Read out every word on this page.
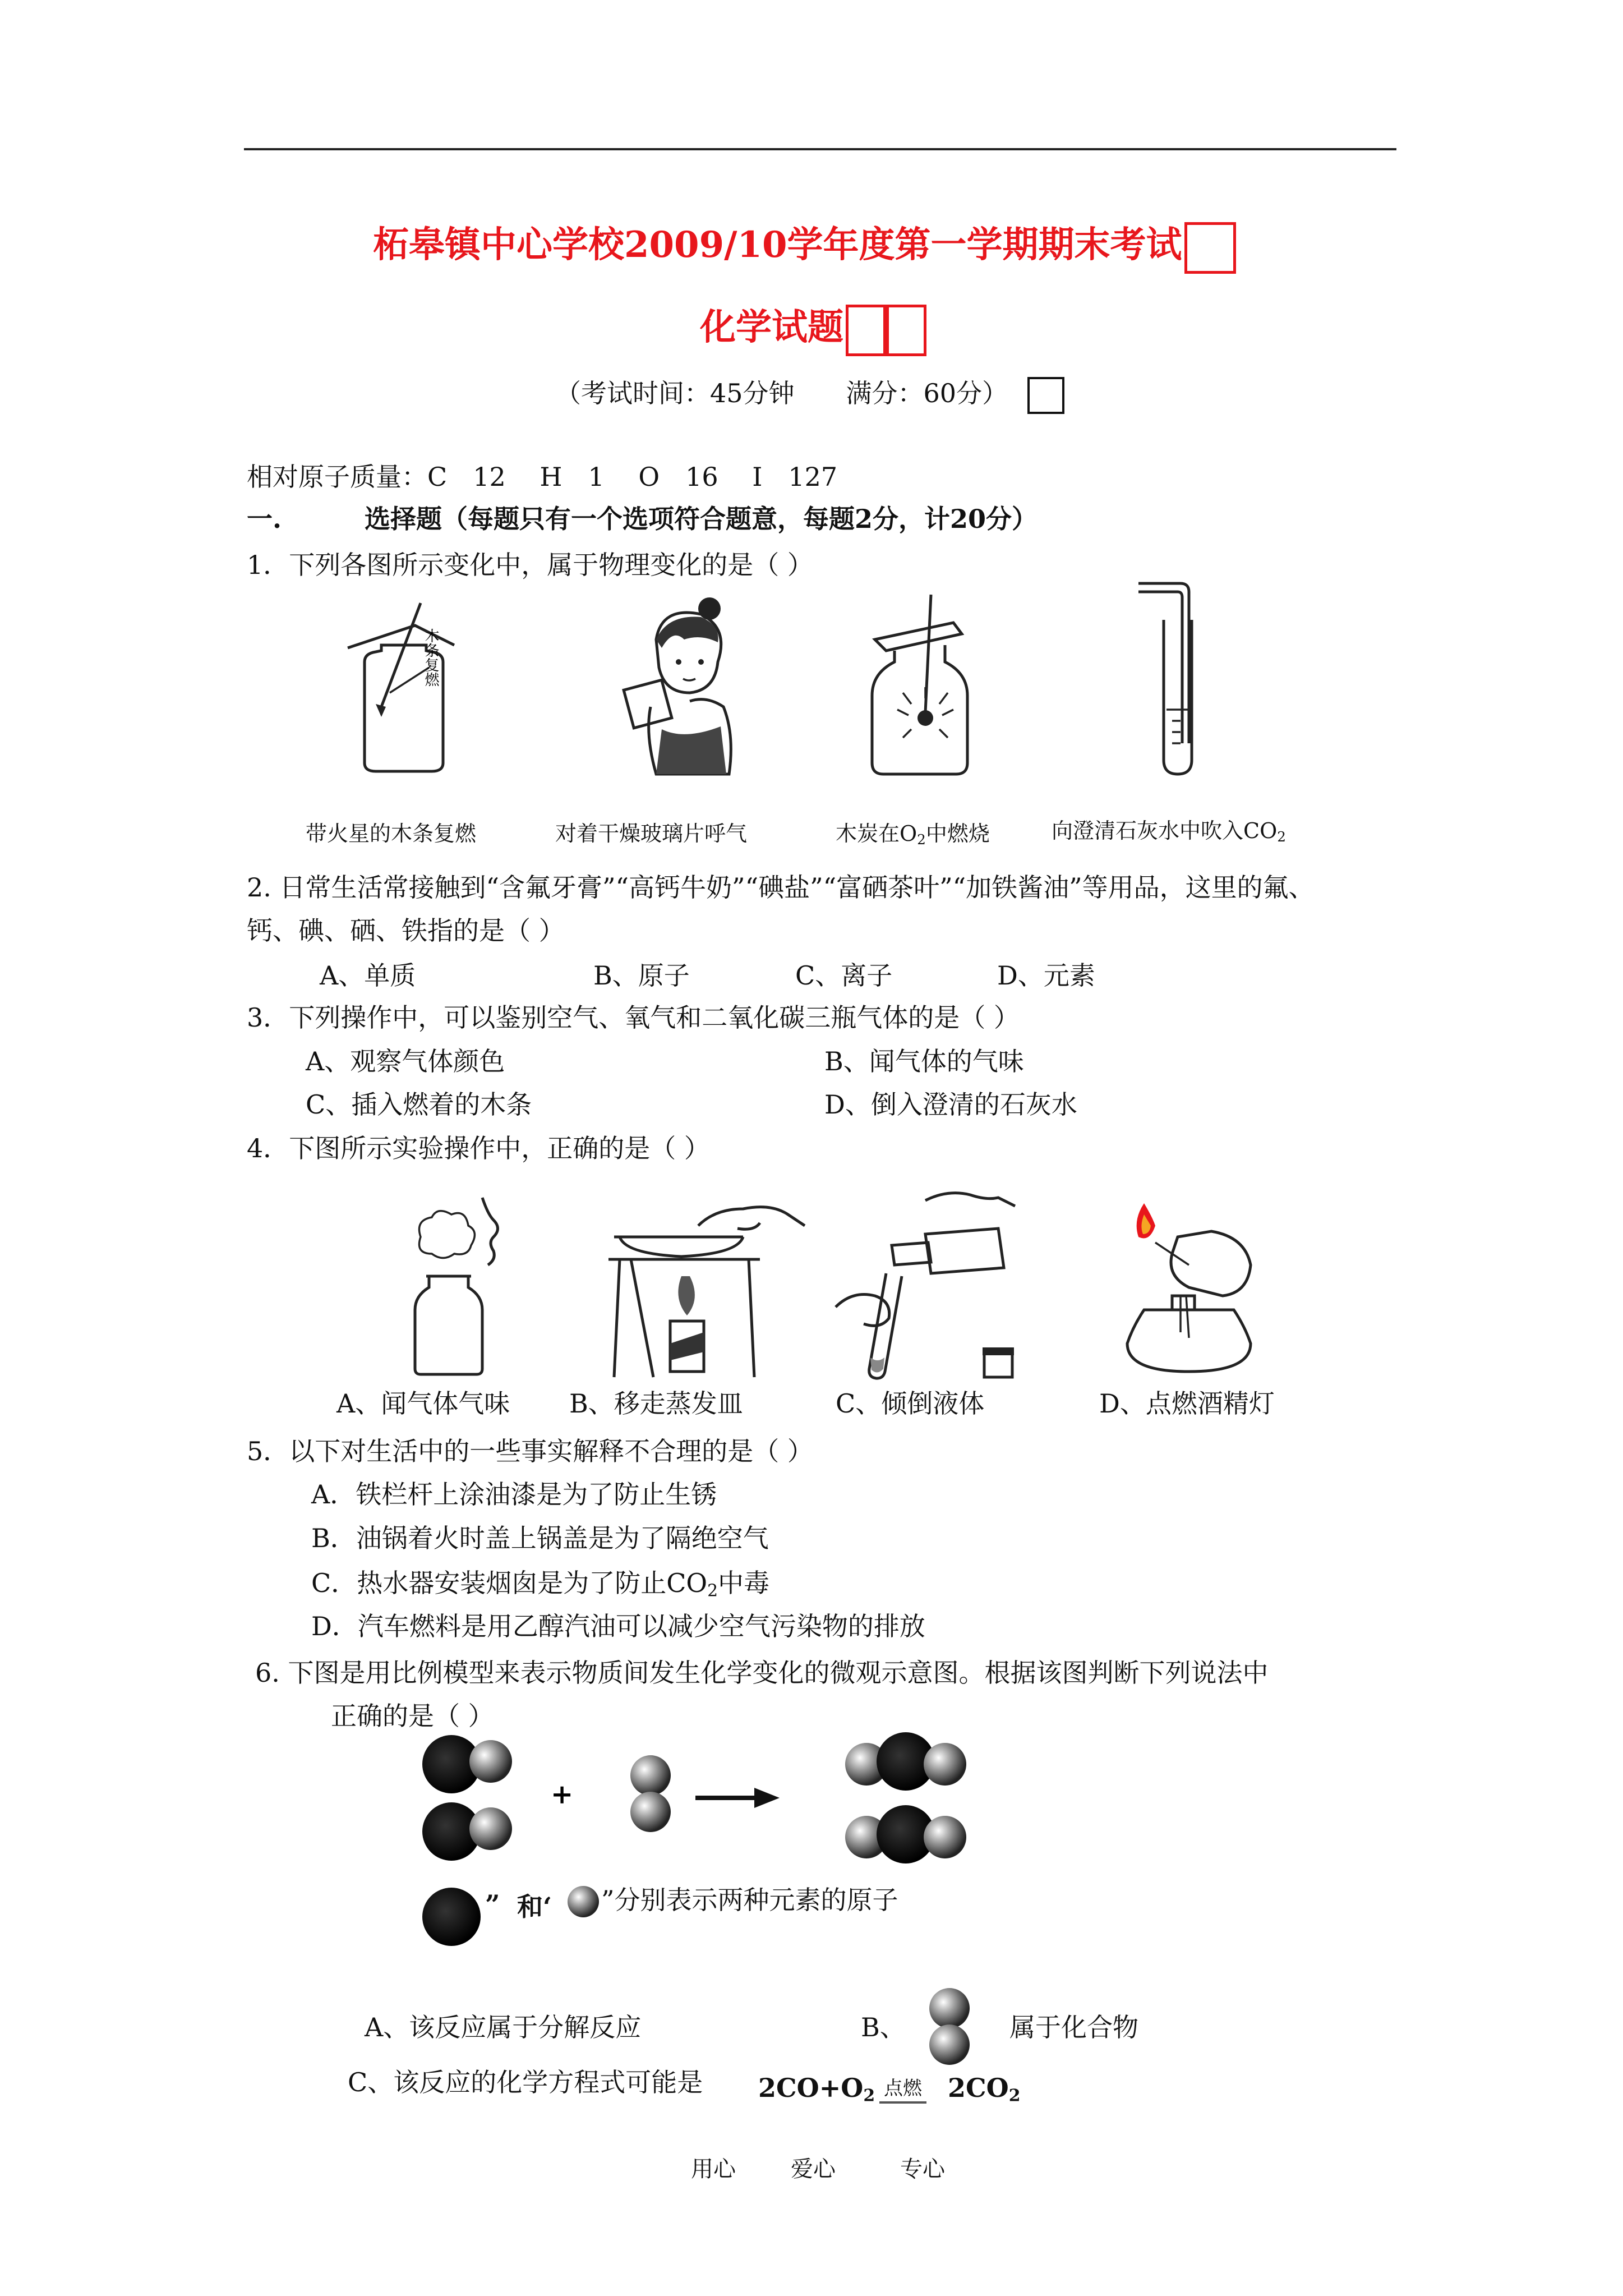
柘皋镇中心学校2009/10学年度第一学期期末考试
化学试题
（考试时间：45分钟　　满分：60分）
相对原子质量：C　12　 H　1　 O　16　 I　127
一.	选择题（每题只有一个选项符合题意，每题2分，计20分）
1．下列各图所示变化中，属于物理变化的是（ ）
木条复燃
带火星的木条复燃	对着干燥玻璃片呼气	木炭在$O_2$中燃烧	向澄清石灰水中吹入$CO_2$
2. 日常生活常接触到“含氟牙膏”“高钙牛奶”“碘盐”“富硒茶叶”“加铁酱油”等用品，这里的氟、
钙、碘、硒、铁指的是（ ）
A、单质	B、原子	C、离子	D、元素
3．下列操作中，可以鉴别空气、氧气和二氧化碳三瓶气体的是（ ）
A、观察气体颜色	B、闻气体的气味
C、插入燃着的木条	D、倒入澄清的石灰水
4．下图所示实验操作中，正确的是（ ）
A、闻气体气味 B、移走蒸发皿	C、倾倒液体	D、点燃酒精灯
5．以下对生活中的一些事实解释不合理的是（ ）
A．铁栏杆上涂油漆是为了防止生锈
B．油锅着火时盖上锅盖是为了隔绝空气
C．热水器安装烟囱是为了防止$CO_2$中毒
D．汽车燃料是用乙醇汽油可以减少空气污染物的排放
6. 下图是用比例模型来表示物质间发生化学变化的微观示意图。根据该图判断下列说法中
正确的是（ ）
+
” 和‘ ”分别表示两种元素的原子
A、该反应属于分解反应	B、	属于化合物
C、该反应的化学方程式可能是 $2CO+O_2$ 点燃 $2CO_2$
用心 爱心	专心
